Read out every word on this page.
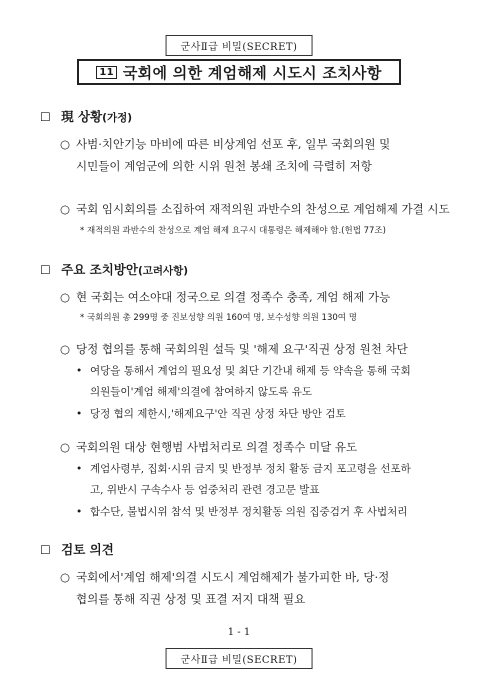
군사Ⅱ급 비밀(SECRET)
11 국회에 의한 계엄해제 시도시 조치사항
☐ 現 상황(가정)
○ 사범·치안기능 마비에 따른 비상계엄 선포 후, 일부 국회의원 및
시민들이 계엄군에 의한 시위 원천 봉쇄 조치에 극렬히 저항
○ 국회 임시회의를 소집하여 재적의원 과반수의 찬성으로 계엄해제 가결 시도
* 재적의원 과반수의 찬성으로 계엄 해제 요구시 대통령은 해제해야 함.(헌법 77조)
☐ 주요 조치방안(고려사항)
○ 현 국회는 여소야대 정국으로 의결 정족수 충족, 계엄 해제 가능
* 국회의원 총 299명 중 진보성향 의원 160여 명, 보수성향 의원 130여 명
○ 당정 협의를 통해 국회의원 설득 및 '해제 요구'직권 상정 원천 차단
• 여당을 통해서 계엄의 필요성 및 최단 기간내 해제 등 약속을 통해 국회
의원들이'계엄 해제'의결에 참여하지 않도록 유도
• 당정 협의 제한시,'해제요구'안 직권 상정 차단 방안 검토
○ 국회의원 대상 현행범 사법처리로 의결 정족수 미달 유도
• 계엄사령부, 집회·시위 금지 및 반정부 정치 활동 금지 포고령을 선포하
고, 위반시 구속수사 등 엄중처리 관련 경고문 발표
• 합수단, 불법시위 참석 및 반정부 정치활동 의원 집중검거 후 사법처리
☐ 검토 의견
○ 국회에서'계엄 해제'의결 시도시 계엄해제가 불가피한 바, 당·정
협의를 통해 직권 상정 및 표결 저지 대책 필요
1 - 1
군사Ⅱ급 비밀(SECRET)
